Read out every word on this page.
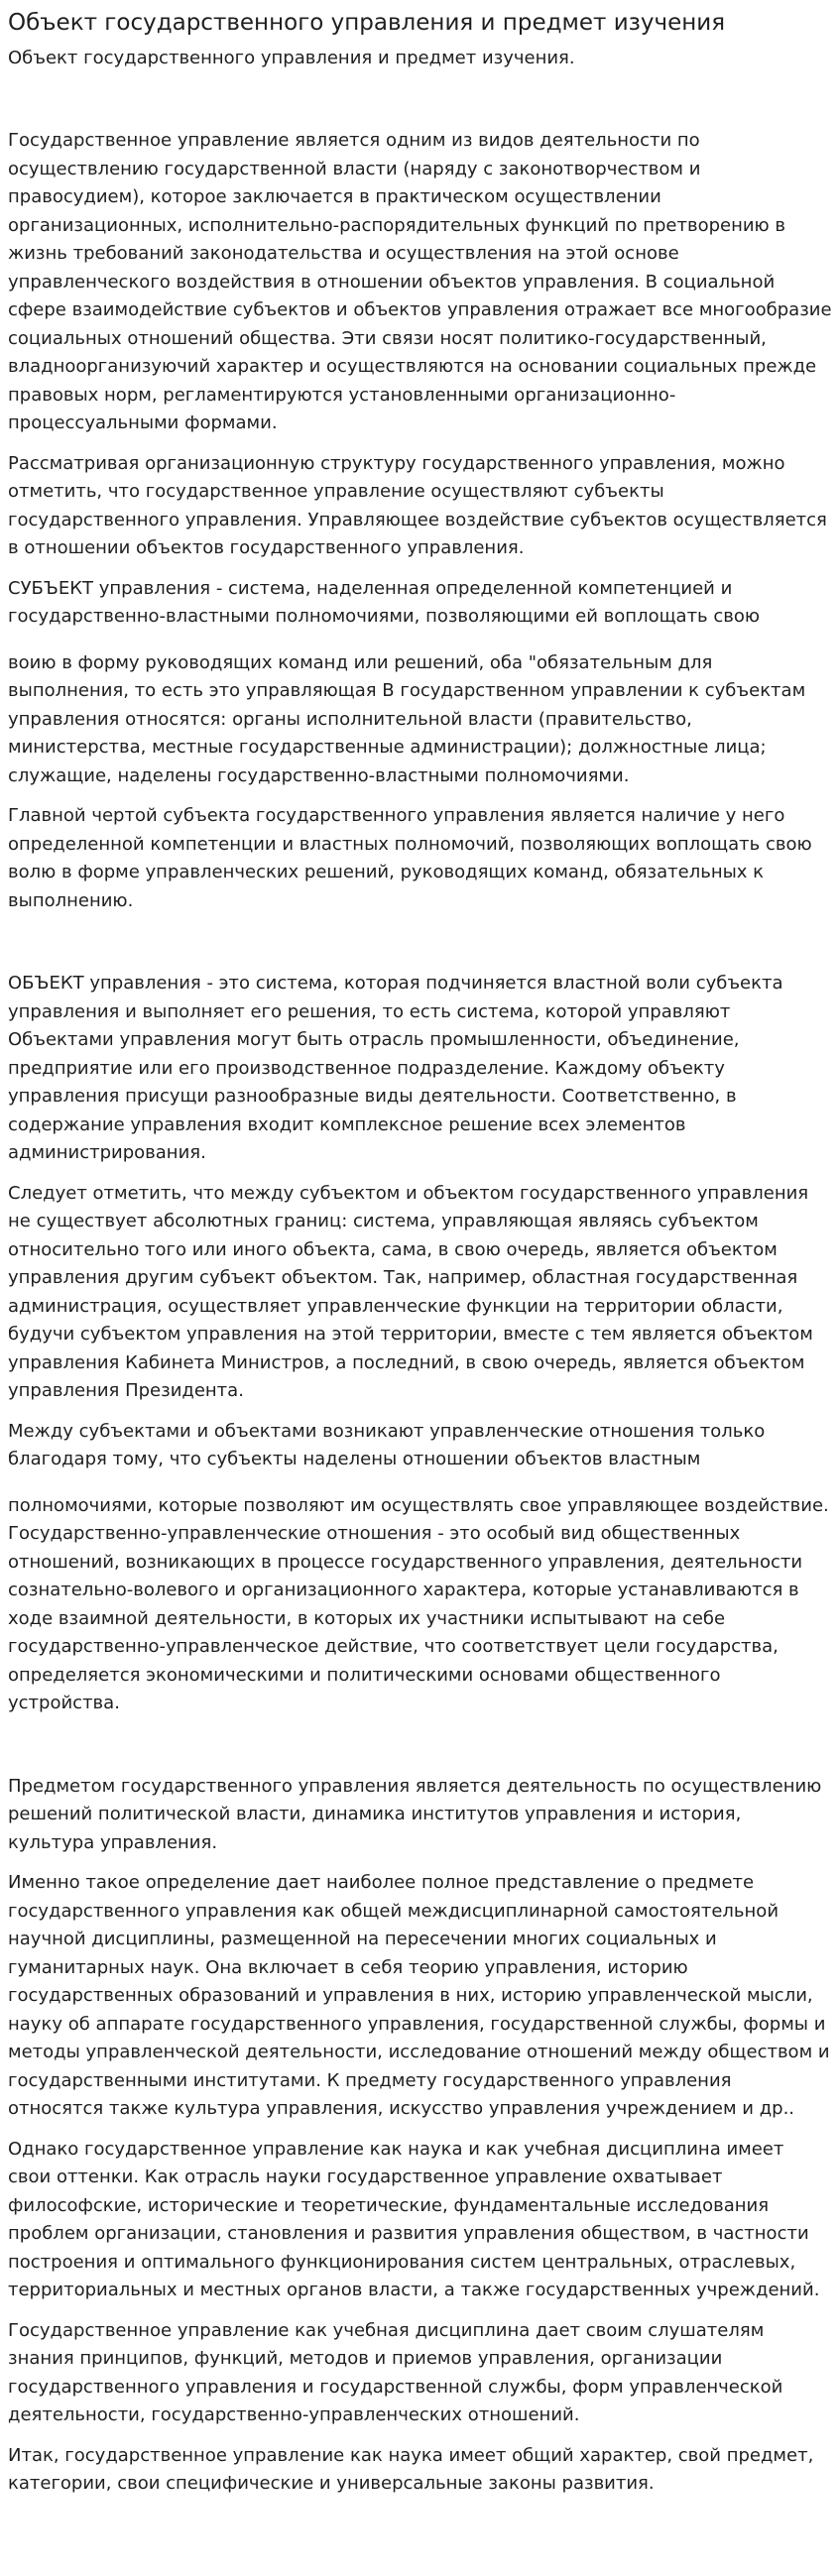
Объект государственного управления и предмет изучения

Объект государственного управления и предмет изучения.

Государственное управление является одним из видов деятельности по осуществлению государственной власти (наряду с законотворчеством и правосудием), которое заключается в практическом осуществлении организационных, исполнительно-распорядительных функций по претворению в жизнь требований законодательства и осуществления на этой основе управленческого воздействия в отношении объектов управления. В социальной сфере взаимодействие субъектов и объектов управления отражает все многообразие социальных отношений общества. Эти связи носят политико-государственный, владноорганизуючий характер и осуществляются на основании социальных прежде правовых норм, регламентируются установленными организационно-процессуальными формами.

Рассматривая организационную структуру государственного управления, можно отметить, что государственное управление осуществляют субъекты государственного управления. Управляющее воздействие субъектов осуществляется в отношении объектов государственного управления.

СУБЪЕКТ управления - система, наделенная определенной компетенцией и государственно-властными полномочиями, позволяющими ей воплощать свою

воию в форму руководящих команд или решений, оба "обязательным для выполнения, то есть это управляющая В государственном управлении к субъектам управления относятся: органы исполнительной власти (правительство, министерства, местные государственные администрации); должностные лица; служащие, наделены государственно-властными полномочиями.

Главной чертой субъекта государственного управления является наличие у него определенной компетенции и властных полномочий, позволяющих воплощать свою волю в форме управленческих решений, руководящих команд, обязательных к выполнению.

ОБЪЕКТ управления - это система, которая подчиняется властной воли субъекта управления и выполняет его решения, то есть система, которой управляют Объектами управления могут быть отрасль промышленности, объединение, предприятие или его производственное подразделение. Каждому объекту управления присущи разнообразные виды деятельности. Соответственно, в содержание управления входит комплексное решение всех элементов администрирования.

Следует отметить, что между субъектом и объектом государственного управления не существует абсолютных границ: система, управляющая являясь субъектом относительно того или иного объекта, сама, в свою очередь, является объектом управления другим субъект объектом. Так, например, областная государственная администрация, осуществляет управленческие функции на территории области, будучи субъектом управления на этой территории, вместе с тем является объектом управления Кабинета Министров, а последний, в свою очередь, является объектом управления Президента.

Между субъектами и объектами возникают управленческие отношения только благодаря тому, что субъекты наделены отношении объектов властным

полномочиями, которые позволяют им осуществлять свое управляющее воздействие. Государственно-управленческие отношения - это особый вид общественных отношений, возникающих в процессе государственного управления, деятельности сознательно-волевого и организационного характера, которые устанавливаются в ходе взаимной деятельности, в которых их участники испытывают на себе государственно-управленческое действие, что соответствует цели государства, определяется экономическими и политическими основами общественного устройства.

Предметом государственного управления является деятельность по осуществлению решений политической власти, динамика институтов управления и история, культура управления.

Именно такое определение дает наиболее полное представление о предмете государственного управления как общей междисциплинарной самостоятельной научной дисциплины, размещенной на пересечении многих социальных и гуманитарных наук. Она включает в себя теорию управления, историю государственных образований и управления в них, историю управленческой мысли, науку об аппарате государственного управления, государственной службы, формы и методы управленческой деятельности, исследование отношений между обществом и государственными институтами. К предмету государственного управления относятся также культура управления, искусство управления учреждением и др..

Однако государственное управление как наука и как учебная дисциплина имеет свои оттенки. Как отрасль науки государственное управление охватывает философские, исторические и теоретические, фундаментальные исследования проблем организации, становления и развития управления обществом, в частности построения и оптимального функционирования систем центральных, отраслевых, территориальных и местных органов власти, а также государственных учреждений.

Государственное управление как учебная дисциплина дает своим слушателям знания принципов, функций, методов и приемов управления, организации государственного управления и государственной службы, форм управленческой деятельности, государственно-управленческих отношений.

Итак, государственное управление как наука имеет общий характер, свой предмет, категории, свои специфические и универсальные законы развития.
